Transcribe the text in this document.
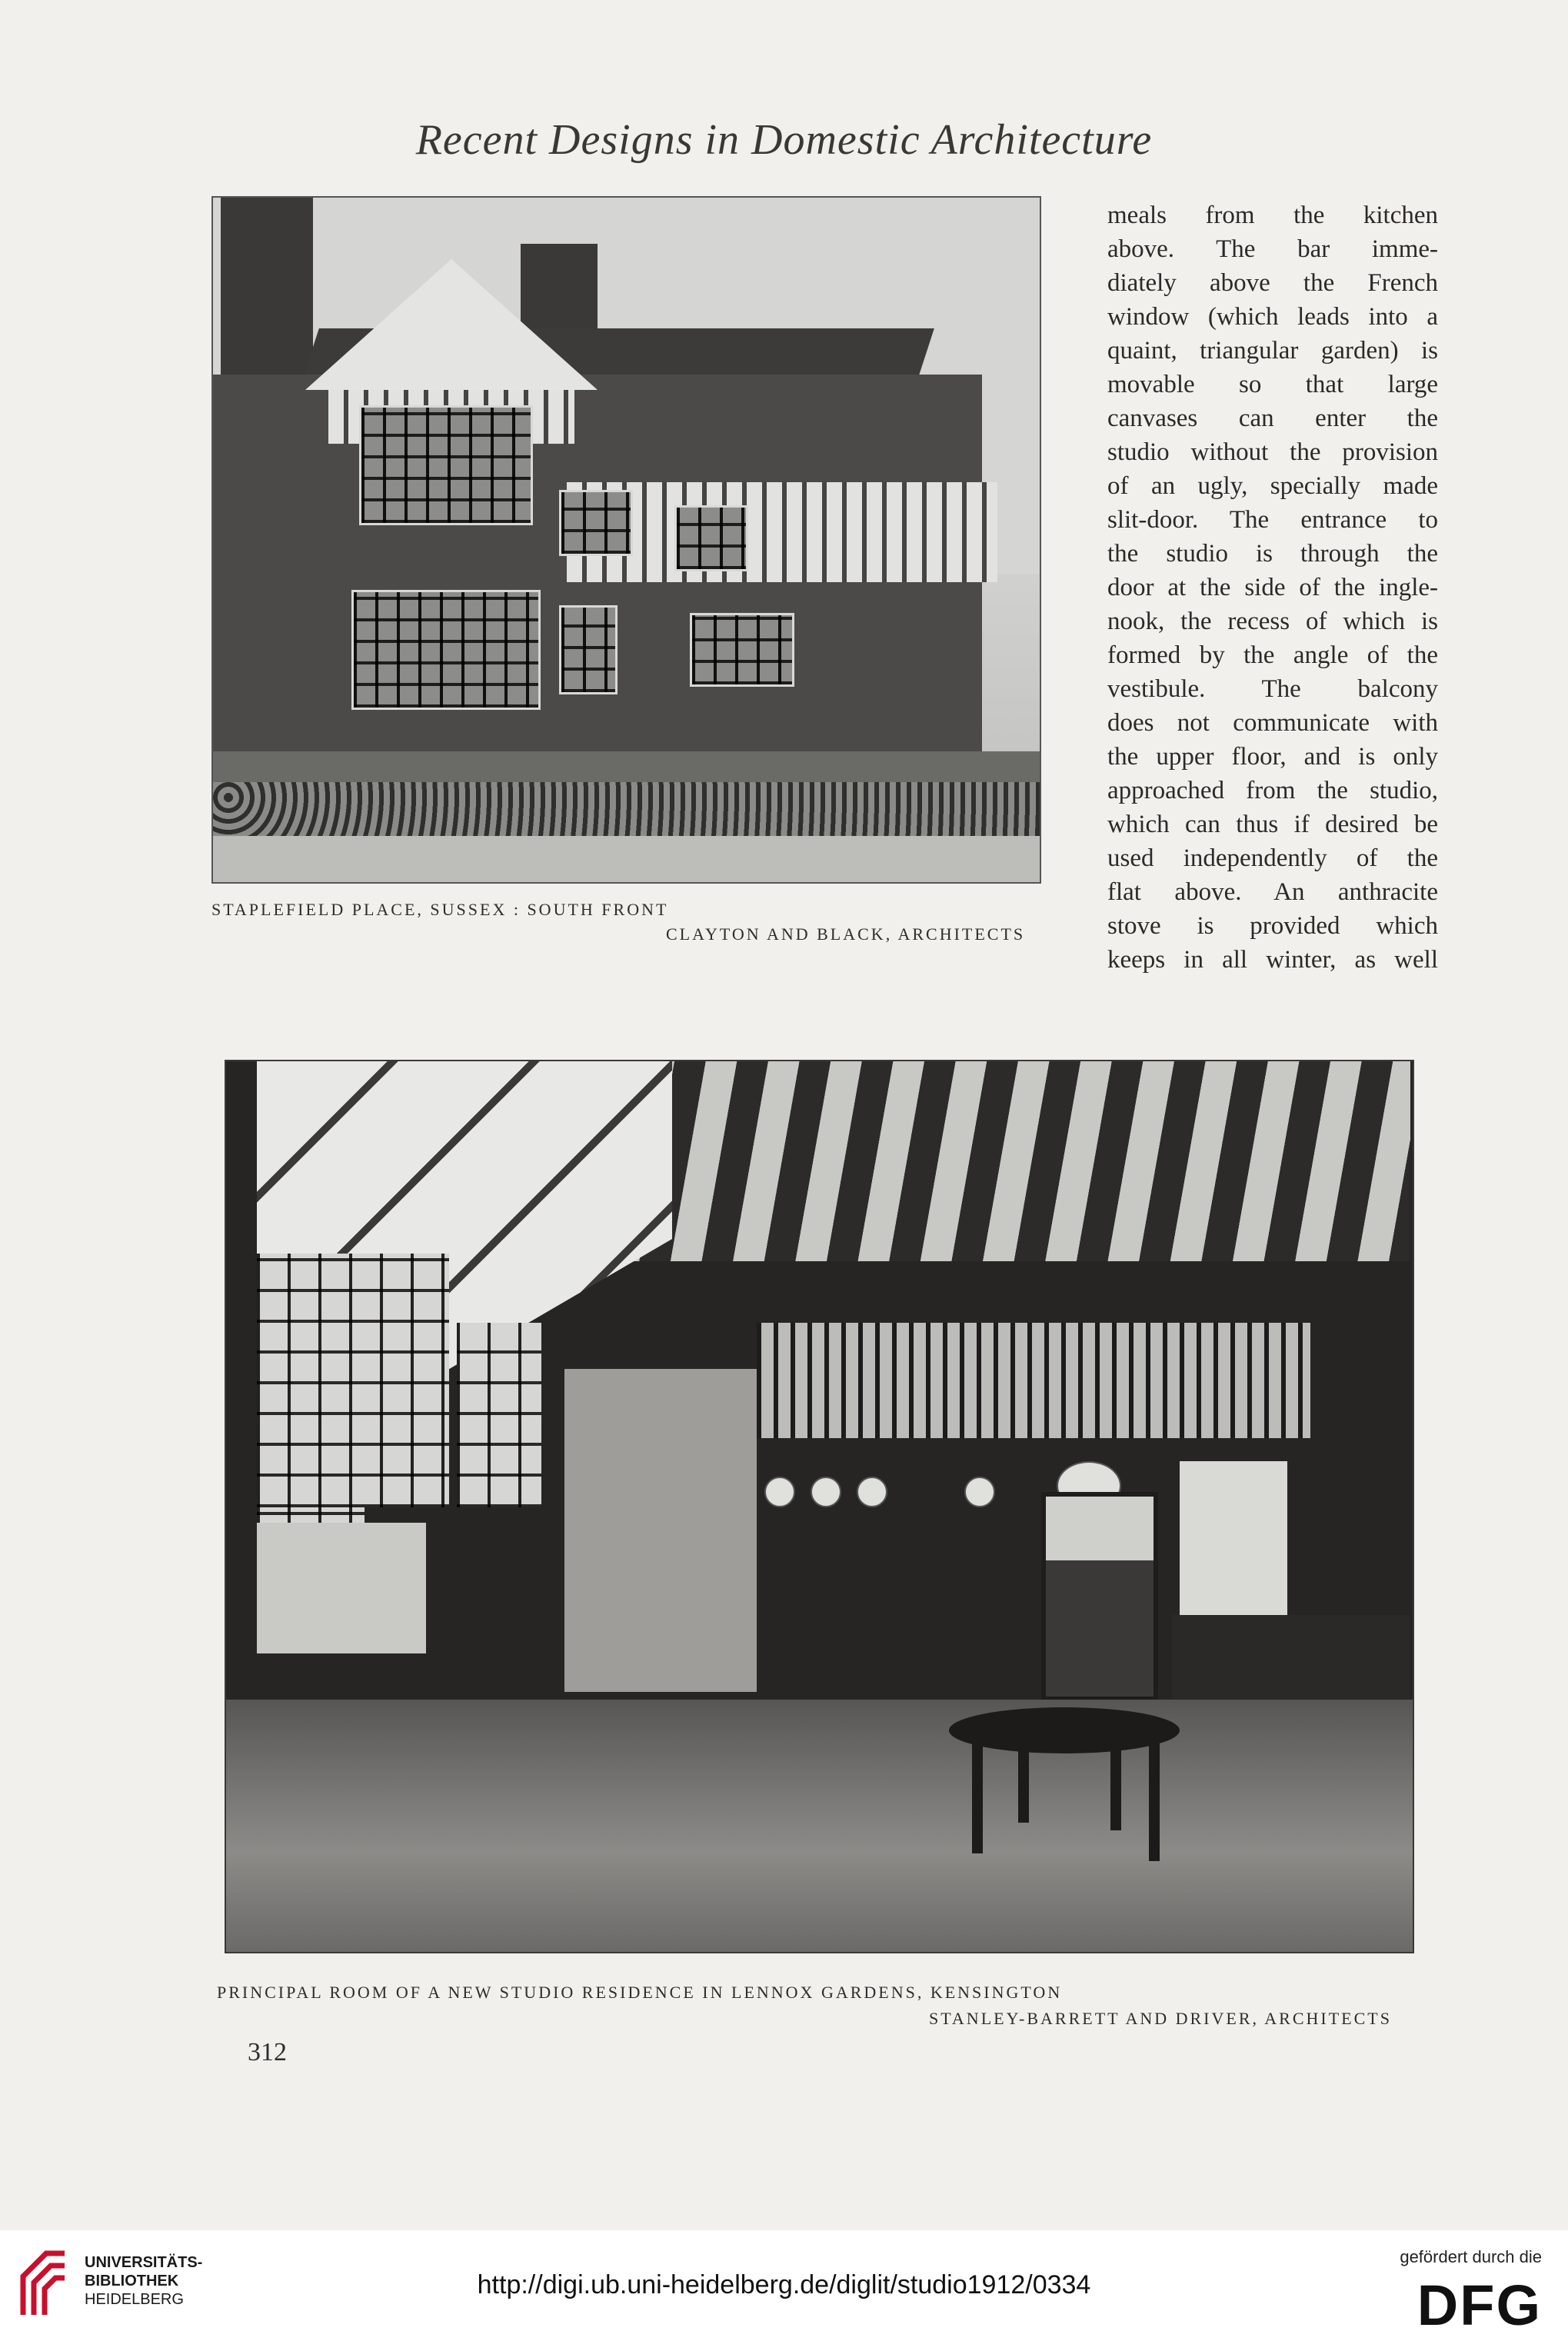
Recent Designs in Domestic Architecture
STAPLEFIELD PLACE, SUSSEX : SOUTH FRONT
CLAYTON AND BLACK, ARCHITECTS
meals from the kitchen
above. The bar imme-
diately above the French
window (which leads into a
quaint, triangular garden) is
movable so that large
canvases can enter the
studio without the provision
of an ugly, specially made
slit-door. The entrance to
the studio is through the
door at the side of the ingle-
nook, the recess of which is
formed by the angle of the
vestibule. The balcony
does not communicate with
the upper floor, and is only
approached from the studio,
which can thus if desired be
used independently of the
flat above. An anthracite
stove is provided which
keeps in all winter, as well
PRINCIPAL ROOM OF A NEW STUDIO RESIDENCE IN LENNOX GARDENS, KENSINGTON
STANLEY-BARRETT AND DRIVER, ARCHITECTS
312
UNIVERSITÄTS-
BIBLIOTHEK
HEIDELBERG	http://digi.ub.uni-heidelberg.de/diglit/studio1912/0334
gefördert durch die
DFG
